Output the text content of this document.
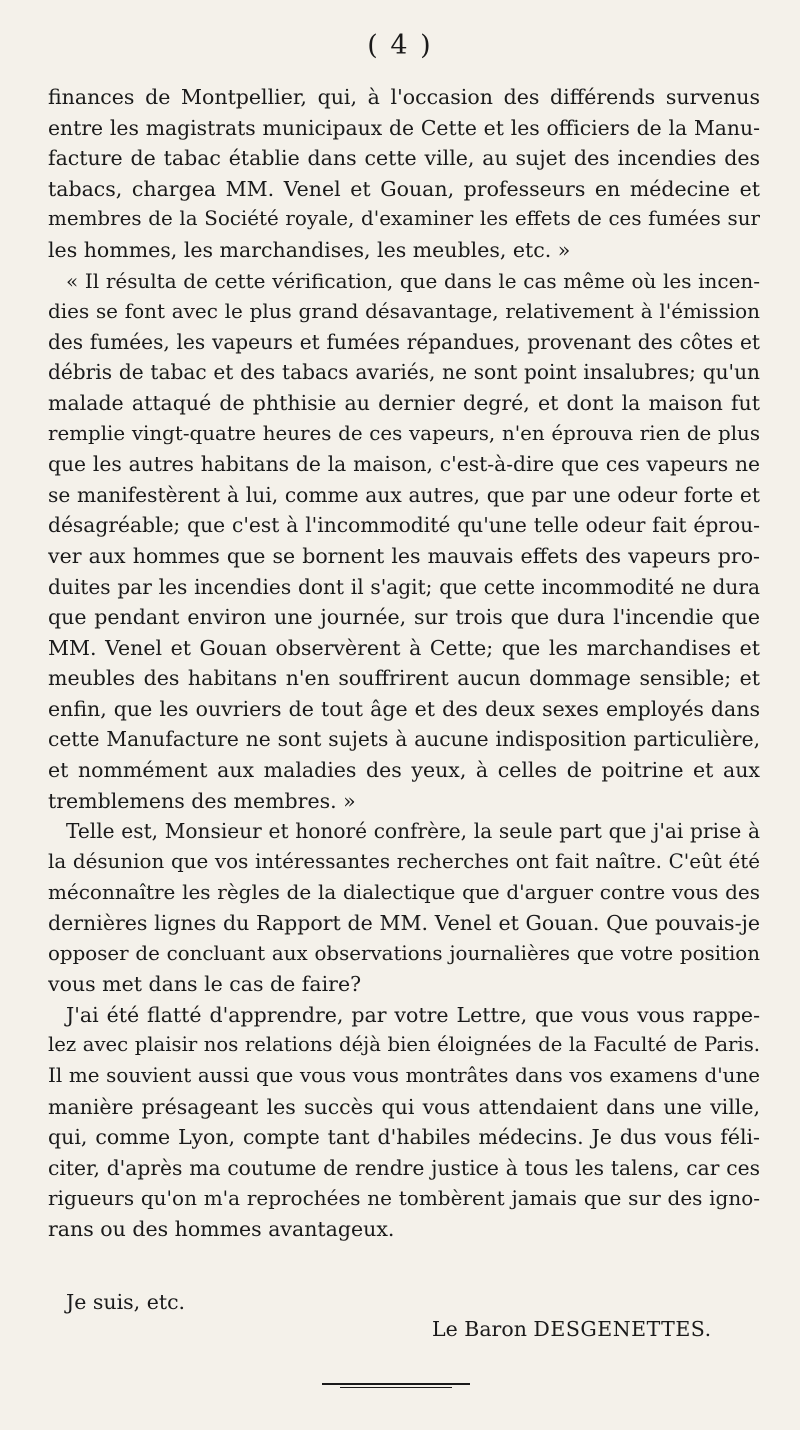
( 4 )
finances de Montpellier, qui, à l'occasion des différends survenus
entre les magistrats municipaux de Cette et les officiers de la Manu-
facture de tabac établie dans cette ville, au sujet des incendies des
tabacs, chargea MM. Venel et Gouan, professeurs en médecine et
membres de la Société royale, d'examiner les effets de ces fumées sur
les hommes, les marchandises, les meubles, etc. »
« Il résulta de cette vérification, que dans le cas même où les incen-
dies se font avec le plus grand désavantage, relativement à l'émission
des fumées, les vapeurs et fumées répandues, provenant des côtes et
débris de tabac et des tabacs avariés, ne sont point insalubres; qu'un
malade attaqué de phthisie au dernier degré, et dont la maison fut
remplie vingt-quatre heures de ces vapeurs, n'en éprouva rien de plus
que les autres habitans de la maison, c'est-à-dire que ces vapeurs ne
se manifestèrent à lui, comme aux autres, que par une odeur forte et
désagréable; que c'est à l'incommodité qu'une telle odeur fait éprou-
ver aux hommes que se bornent les mauvais effets des vapeurs pro-
duites par les incendies dont il s'agit; que cette incommodité ne dura
que pendant environ une journée, sur trois que dura l'incendie que
MM. Venel et Gouan observèrent à Cette; que les marchandises et
meubles des habitans n'en souffrirent aucun dommage sensible; et
enfin, que les ouvriers de tout âge et des deux sexes employés dans
cette Manufacture ne sont sujets à aucune indisposition particulière,
et nommément aux maladies des yeux, à celles de poitrine et aux
tremblemens des membres. »
Telle est, Monsieur et honoré confrère, la seule part que j'ai prise à
la désunion que vos intéressantes recherches ont fait naître. C'eût été
méconnaître les règles de la dialectique que d'arguer contre vous des
dernières lignes du Rapport de MM. Venel et Gouan. Que pouvais-je
opposer de concluant aux observations journalières que votre position
vous met dans le cas de faire?
J'ai été flatté d'apprendre, par votre Lettre, que vous vous rappe-
lez avec plaisir nos relations déjà bien éloignées de la Faculté de Paris.
Il me souvient aussi que vous vous montrâtes dans vos examens d'une
manière présageant les succès qui vous attendaient dans une ville,
qui, comme Lyon, compte tant d'habiles médecins. Je dus vous féli-
citer, d'après ma coutume de rendre justice à tous les talens, car ces
rigueurs qu'on m'a reprochées ne tombèrent jamais que sur des igno-
rans ou des hommes avantageux.
Je suis, etc.
Le Baron DESGENETTES.
